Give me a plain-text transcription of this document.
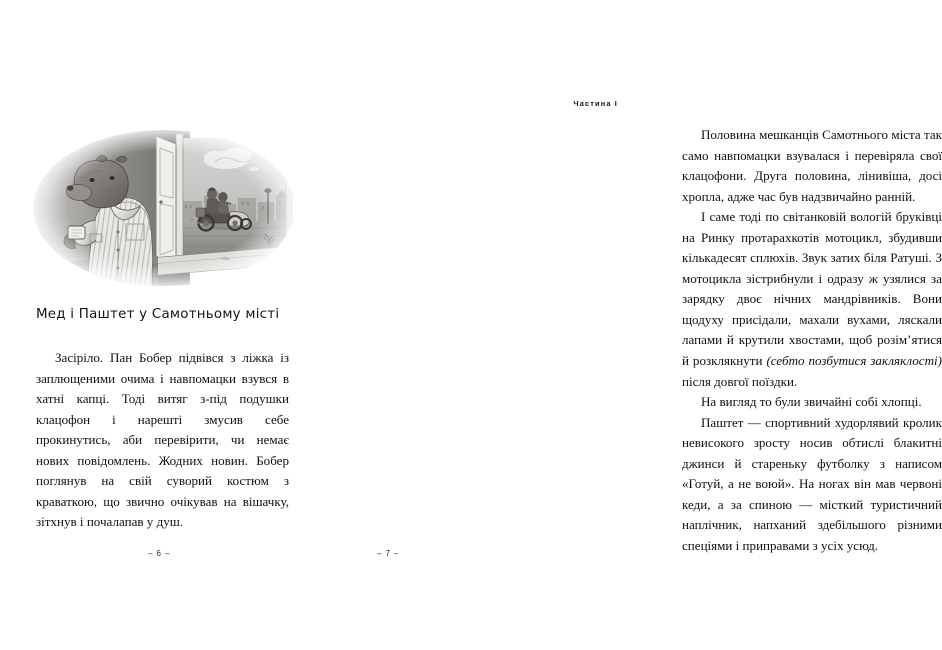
Мед і Паштет у Самотньому місті

Засіріло. Пан Бобер підвівся з ліжка із заплющеними очима і навпомацки взувся в хатні капці. Тоді витяг з-під подушки клацофон і нарешті змусив себе прокинутись, аби перевірити, чи немає нових повідомлень. Жодних новин. Бобер поглянув на свій суворий костюм з краваткою, що звично очікував на вішачку, зітхнув і почалапав у душ.

– 6 –
Частина І

Половина мешканців Самотнього міста так само навпомацки взувалася і перевіряла свої клацофони. Друга половина, лінивіша, досі хропла, адже час був надзвичайно ранній.

І саме тоді по світанковій вологій бруківці на Ринку протарахкотів мотоцикл, збудивши кількадесят сплюхів. Звук затих біля Ратуші. З мотоцикла зістрибнули і одразу ж узялися за зарядку двоє нічних мандрівників. Вони щодуху присідали, махали вухами, ляскали лапами й крутили хвостами, щоб розім’ятися й розклякнути (себто позбутися закляклості) після довгої поїздки.

На вигляд то були звичайні собі хлопці.

Паштет — спортивний худорлявий кролик невисокого зросту носив обтислі блакитні джинси й стареньку футболку з написом «Готуй, а не воюй». На ногах він мав червоні кеди, а за спиною — місткий туристичний наплічник, напханий здебільшого різними спеціями і приправами з усіх усюд.

– 7 –
